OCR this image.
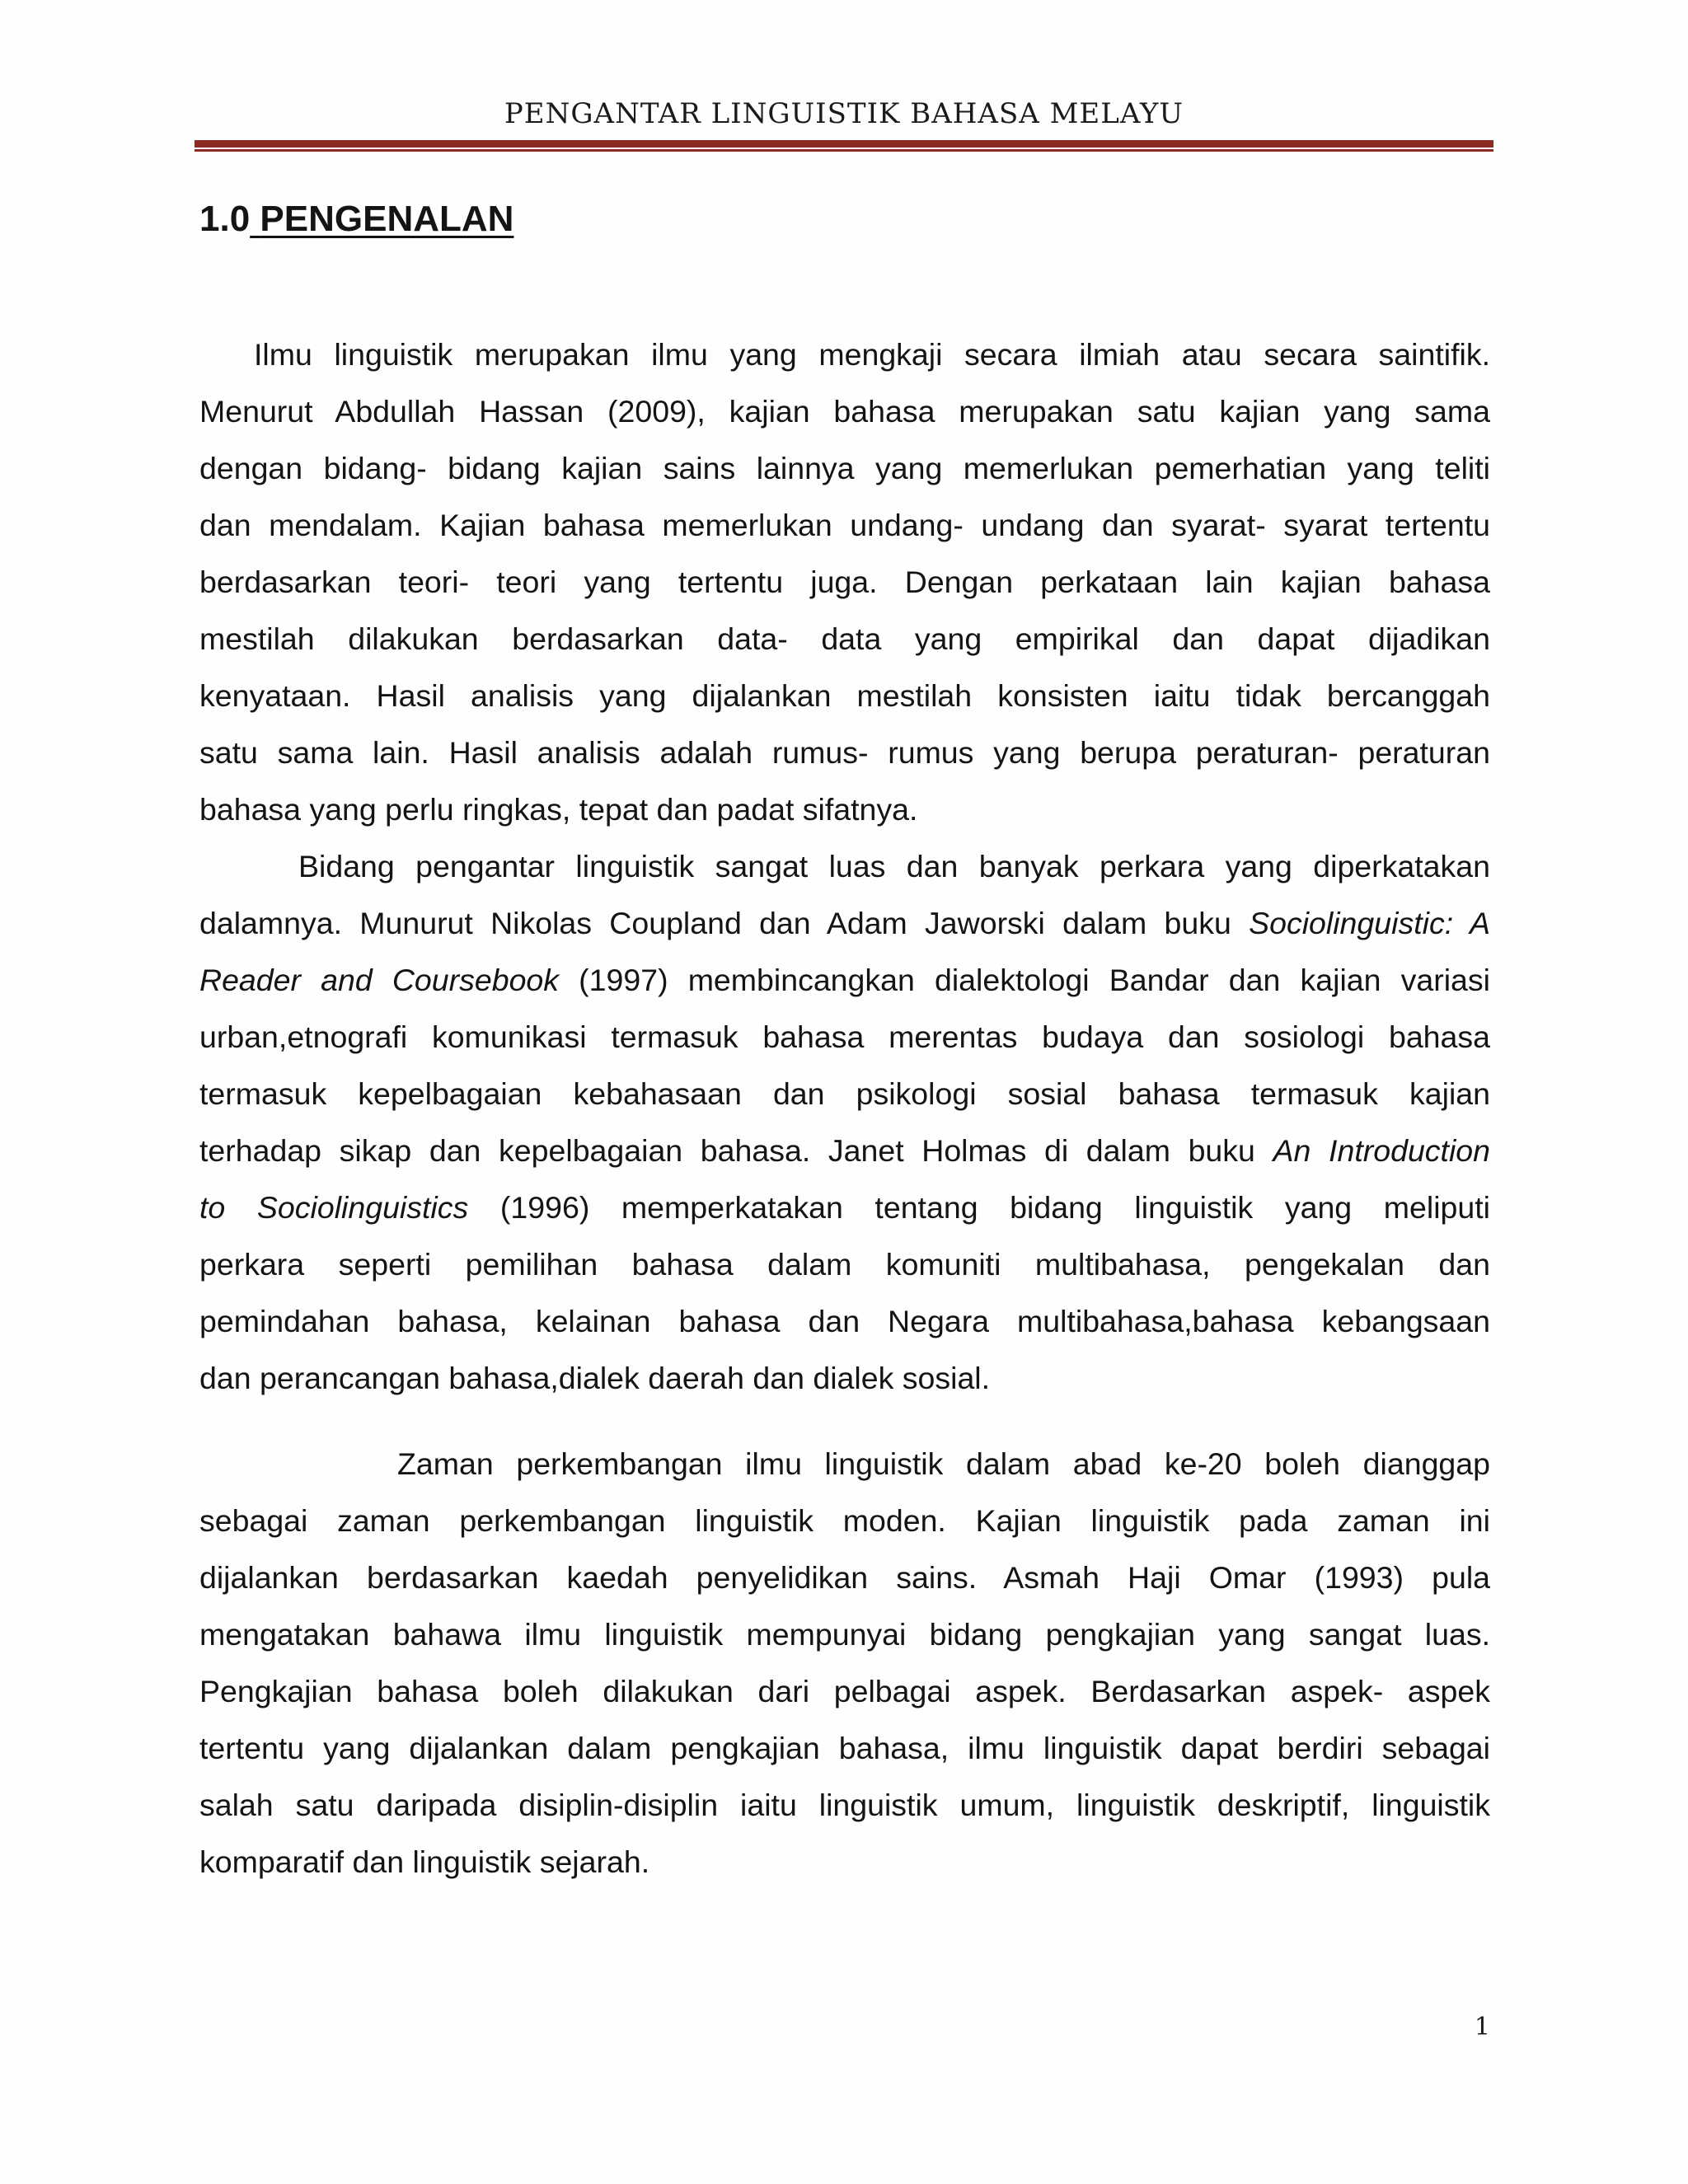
PENGANTAR LINGUISTIK BAHASA MELAYU
1.0 PENGENALAN
Ilmu linguistik merupakan ilmu yang mengkaji secara ilmiah atau secara saintifik.
Menurut Abdullah Hassan (2009), kajian bahasa merupakan satu kajian yang sama
dengan bidang- bidang kajian sains lainnya yang memerlukan pemerhatian yang teliti
dan mendalam. Kajian bahasa memerlukan undang- undang dan syarat- syarat tertentu
berdasarkan teori- teori yang tertentu juga. Dengan perkataan lain kajian bahasa
mestilah dilakukan berdasarkan data- data yang empirikal dan dapat dijadikan
kenyataan. Hasil analisis yang dijalankan mestilah konsisten iaitu tidak bercanggah
satu sama lain. Hasil analisis adalah rumus- rumus yang berupa peraturan- peraturan
bahasa yang perlu ringkas, tepat dan padat sifatnya.
Bidang pengantar linguistik sangat luas dan banyak perkara yang diperkatakan
dalamnya. Munurut Nikolas Coupland dan Adam Jaworski dalam buku Sociolinguistic: A
Reader and Coursebook (1997) membincangkan dialektologi Bandar dan kajian variasi
urban,etnografi komunikasi termasuk bahasa merentas budaya dan sosiologi bahasa
termasuk kepelbagaian kebahasaan dan psikologi sosial bahasa termasuk kajian
terhadap sikap dan kepelbagaian bahasa. Janet Holmas di dalam buku An Introduction
to Sociolinguistics (1996) memperkatakan tentang bidang linguistik yang meliputi
perkara seperti pemilihan bahasa dalam komuniti multibahasa, pengekalan dan
pemindahan bahasa, kelainan bahasa dan Negara multibahasa,bahasa kebangsaan
dan perancangan bahasa,dialek daerah dan dialek sosial.
Zaman perkembangan ilmu linguistik dalam abad ke-20 boleh dianggap
sebagai zaman perkembangan linguistik moden. Kajian linguistik pada zaman ini
dijalankan berdasarkan kaedah penyelidikan sains. Asmah Haji Omar (1993) pula
mengatakan bahawa ilmu linguistik mempunyai bidang pengkajian yang sangat luas.
Pengkajian bahasa boleh dilakukan dari pelbagai aspek. Berdasarkan aspek- aspek
tertentu yang dijalankan dalam pengkajian bahasa, ilmu linguistik dapat berdiri sebagai
salah satu daripada disiplin-disiplin iaitu linguistik umum, linguistik deskriptif, linguistik
komparatif dan linguistik sejarah.
1
